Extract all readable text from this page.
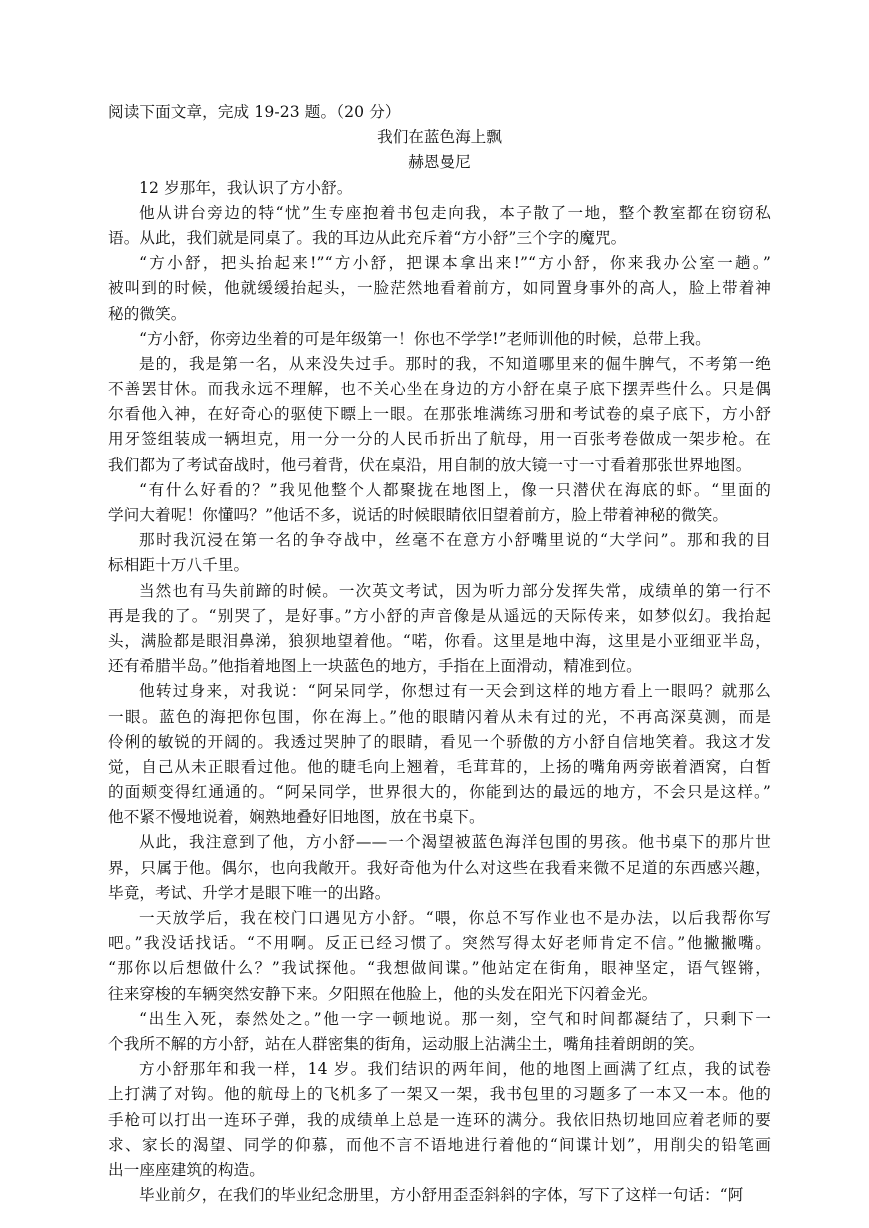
阅读下面文章，完成 19-23 题。（20 分）
我们在蓝色海上飘
赫恩曼尼
12 岁那年，我认识了方小舒。
他从讲台旁边的特“忧”生专座抱着书包走向我，本子散了一地，整个教室都在窃窃私
语。从此，我们就是同桌了。我的耳边从此充斥着“方小舒”三个字的魔咒。
“方小舒，把头抬起来!”“方小舒，把课本拿出来!”“方小舒，你来我办公室一趟。”
被叫到的时候，他就缓缓抬起头，一脸茫然地看着前方，如同置身事外的高人，脸上带着神
秘的微笑。
“方小舒，你旁边坐着的可是年级第一！你也不学学!”老师训他的时候，总带上我。
是的，我是第一名，从来没失过手。那时的我，不知道哪里来的倔牛脾气，不考第一绝
不善罢甘休。而我永远不理解，也不关心坐在身边的方小舒在桌子底下摆弄些什么。只是偶
尔看他入神，在好奇心的驱使下瞟上一眼。在那张堆满练习册和考试卷的桌子底下，方小舒
用牙签组装成一辆坦克，用一分一分的人民币折出了航母，用一百张考卷做成一架步枪。在
我们都为了考试奋战时，他弓着背，伏在桌沿，用自制的放大镜一寸一寸看着那张世界地图。
“有什么好看的？”我见他整个人都聚拢在地图上，像一只潜伏在海底的虾。“里面的
学问大着呢！你懂吗？”他话不多，说话的时候眼睛依旧望着前方，脸上带着神秘的微笑。
那时我沉浸在第一名的争夺战中，丝毫不在意方小舒嘴里说的“大学问”。那和我的目
标相距十万八千里。
当然也有马失前蹄的时候。一次英文考试，因为听力部分发挥失常，成绩单的第一行不
再是我的了。“别哭了，是好事。”方小舒的声音像是从遥远的天际传来，如梦似幻。我抬起
头，满脸都是眼泪鼻涕，狼狈地望着他。“喏，你看。这里是地中海，这里是小亚细亚半岛，
还有希腊半岛。”他指着地图上一块蓝色的地方，手指在上面滑动，精准到位。
他转过身来，对我说：“阿呆同学，你想过有一天会到这样的地方看上一眼吗？就那么
一眼。蓝色的海把你包围，你在海上。”他的眼睛闪着从未有过的光，不再高深莫测，而是
伶俐的敏锐的开阔的。我透过哭肿了的眼睛，看见一个骄傲的方小舒自信地笑着。我这才发
觉，自己从未正眼看过他。他的睫毛向上翘着，毛茸茸的，上扬的嘴角两旁嵌着酒窝，白皙
的面颊变得红通通的。“阿呆同学，世界很大的，你能到达的最远的地方，不会只是这样。”
他不紧不慢地说着，娴熟地叠好旧地图，放在书桌下。
从此，我注意到了他，方小舒——一个渴望被蓝色海洋包围的男孩。他书桌下的那片世
界，只属于他。偶尔，也向我敞开。我好奇他为什么对这些在我看来微不足道的东西感兴趣，
毕竟，考试、升学才是眼下唯一的出路。
一天放学后，我在校门口遇见方小舒。“喂，你总不写作业也不是办法，以后我帮你写
吧。”我没话找话。“不用啊。反正已经习惯了。突然写得太好老师肯定不信。”他撇撇嘴。
“那你以后想做什么？”我试探他。“我想做间谍。”他站定在街角，眼神坚定，语气铿锵，
往来穿梭的车辆突然安静下来。夕阳照在他脸上，他的头发在阳光下闪着金光。
“出生入死，泰然处之。”他一字一顿地说。那一刻，空气和时间都凝结了，只剩下一
个我所不解的方小舒，站在人群密集的街角，运动服上沾满尘土，嘴角挂着朗朗的笑。
方小舒那年和我一样，14 岁。我们结识的两年间，他的地图上画满了红点，我的试卷
上打满了对钩。他的航母上的飞机多了一架又一架，我书包里的习题多了一本又一本。他的
手枪可以打出一连环子弹，我的成绩单上总是一连环的满分。我依旧热切地回应着老师的要
求、家长的渴望、同学的仰慕，而他不言不语地进行着他的“间谍计划”，用削尖的铅笔画
出一座座建筑的构造。
毕业前夕，在我们的毕业纪念册里，方小舒用歪歪斜斜的字体，写下了这样一句话：“阿
